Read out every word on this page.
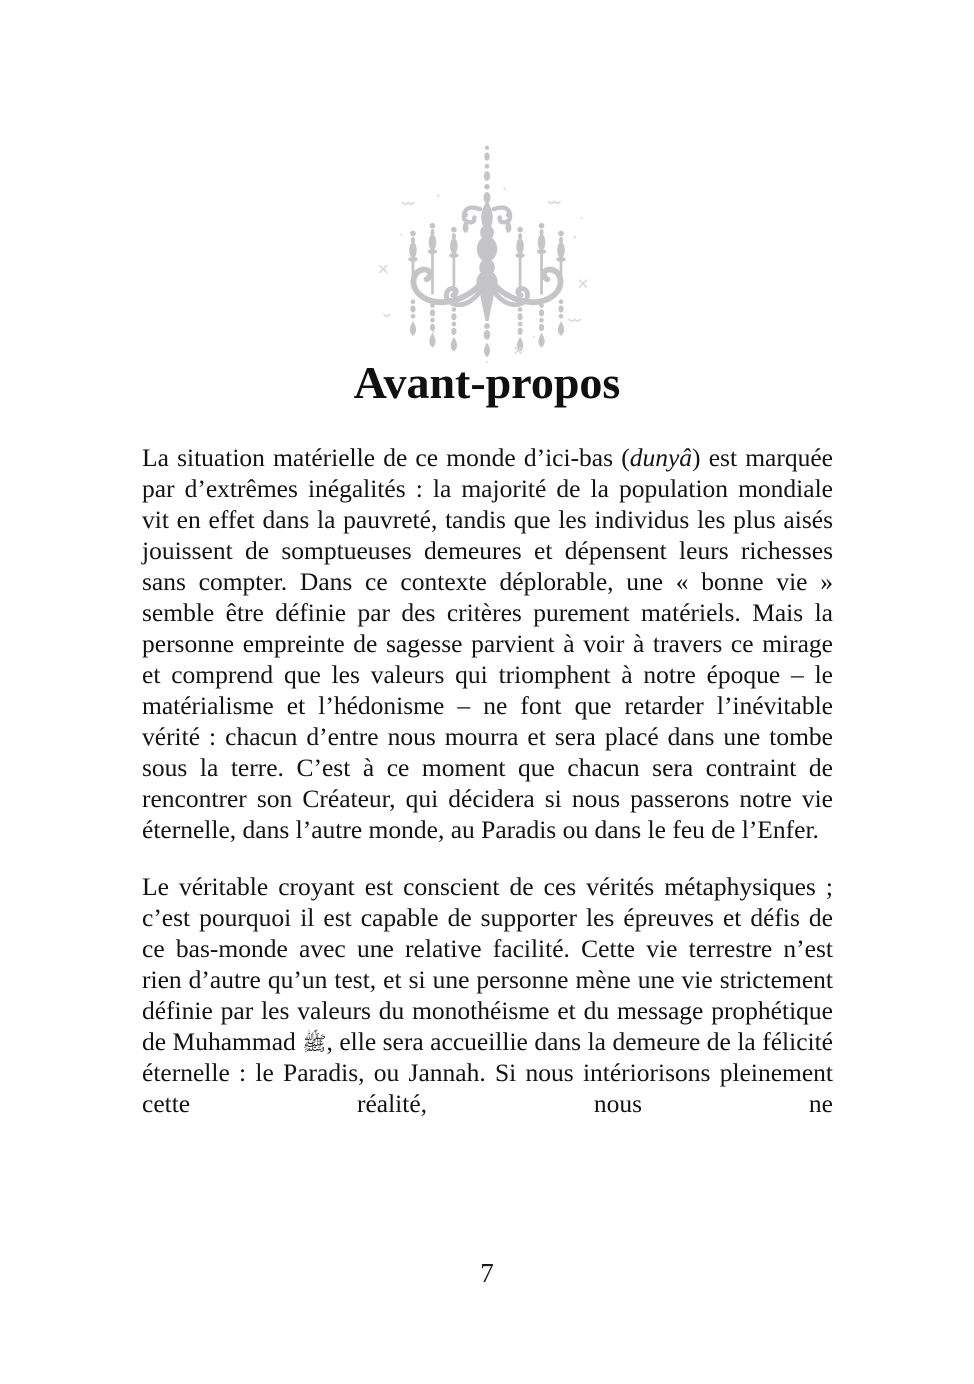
Avant-propos

La situation matérielle de ce monde d’ici-bas (dunyâ) est marquée par d’extrêmes inégalités : la majorité de la population mondiale vit en effet dans la pauvreté, tandis que les individus les plus aisés jouissent de somptueuses demeures et dépensent leurs richesses sans compter. Dans ce contexte déplorable, une « bonne vie » semble être définie par des critères purement matériels. Mais la personne empreinte de sagesse parvient à voir à travers ce mirage et comprend que les valeurs qui triomphent à notre époque – le matérialisme et l’hédonisme – ne font que retarder l’inévitable vérité : chacun d’entre nous mourra et sera placé dans une tombe sous la terre. C’est à ce moment que chacun sera contraint de rencontrer son Créateur, qui décidera si nous passerons notre vie éternelle, dans l’autre monde, au Paradis ou dans le feu de l’Enfer.

Le véritable croyant est conscient de ces vérités métaphysiques ; c’est pourquoi il est capable de supporter les épreuves et défis de ce bas-monde avec une relative facilité. Cette vie terrestre n’est rien d’autre qu’un test, et si une personne mène une vie strictement définie par les valeurs du monothéisme et du message prophétique de Muhammad ﷺ, elle sera accueillie dans la demeure de la félicité éternelle : le Paradis, ou Jannah. Si nous intériorisons pleinement cette réalité, nous ne

7
